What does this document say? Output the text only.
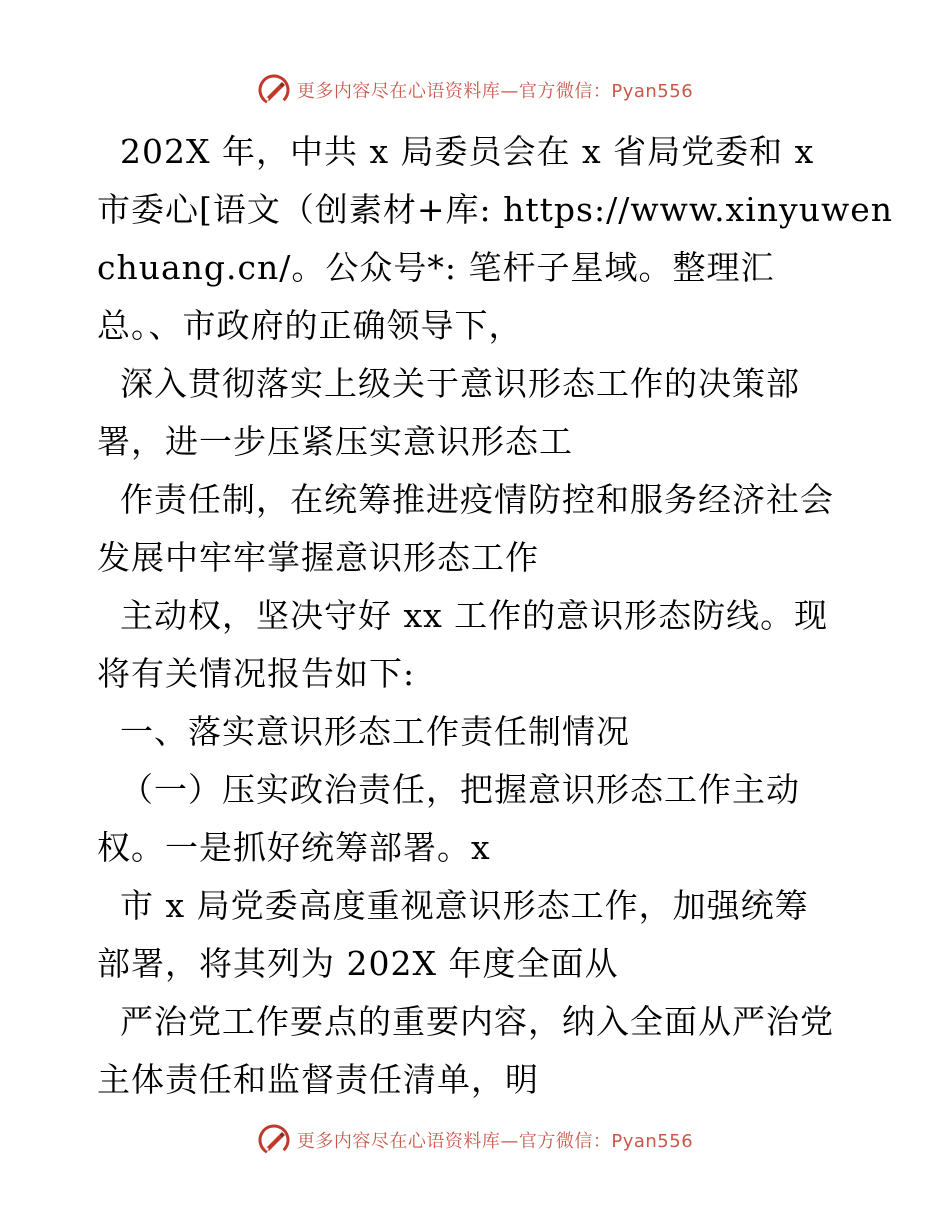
更多内容尽在心语资料库—官方微信：Pyan556
202X 年，中共 x 局委员会在 x 省局党委和 x
市委心[语文（创素材+库: https://www.xinyuwen
chuang.cn/。公众号*: 笔杆子星域。整理汇
总。、市政府的正确领导下，
深入贯彻落实上级关于意识形态工作的决策部
署，进一步压紧压实意识形态工
作责任制，在统筹推进疫情防控和服务经济社会
发展中牢牢掌握意识形态工作
主动权，坚决守好 xx 工作的意识形态防线。现
将有关情况报告如下:
一、落实意识形态工作责任制情况
（一）压实政治责任，把握意识形态工作主动
权。一是抓好统筹部署。x
市 x 局党委高度重视意识形态工作，加强统筹
部署，将其列为 202X 年度全面从
严治党工作要点的重要内容，纳入全面从严治党
主体责任和监督责任清单，明
更多内容尽在心语资料库—官方微信：Pyan556
